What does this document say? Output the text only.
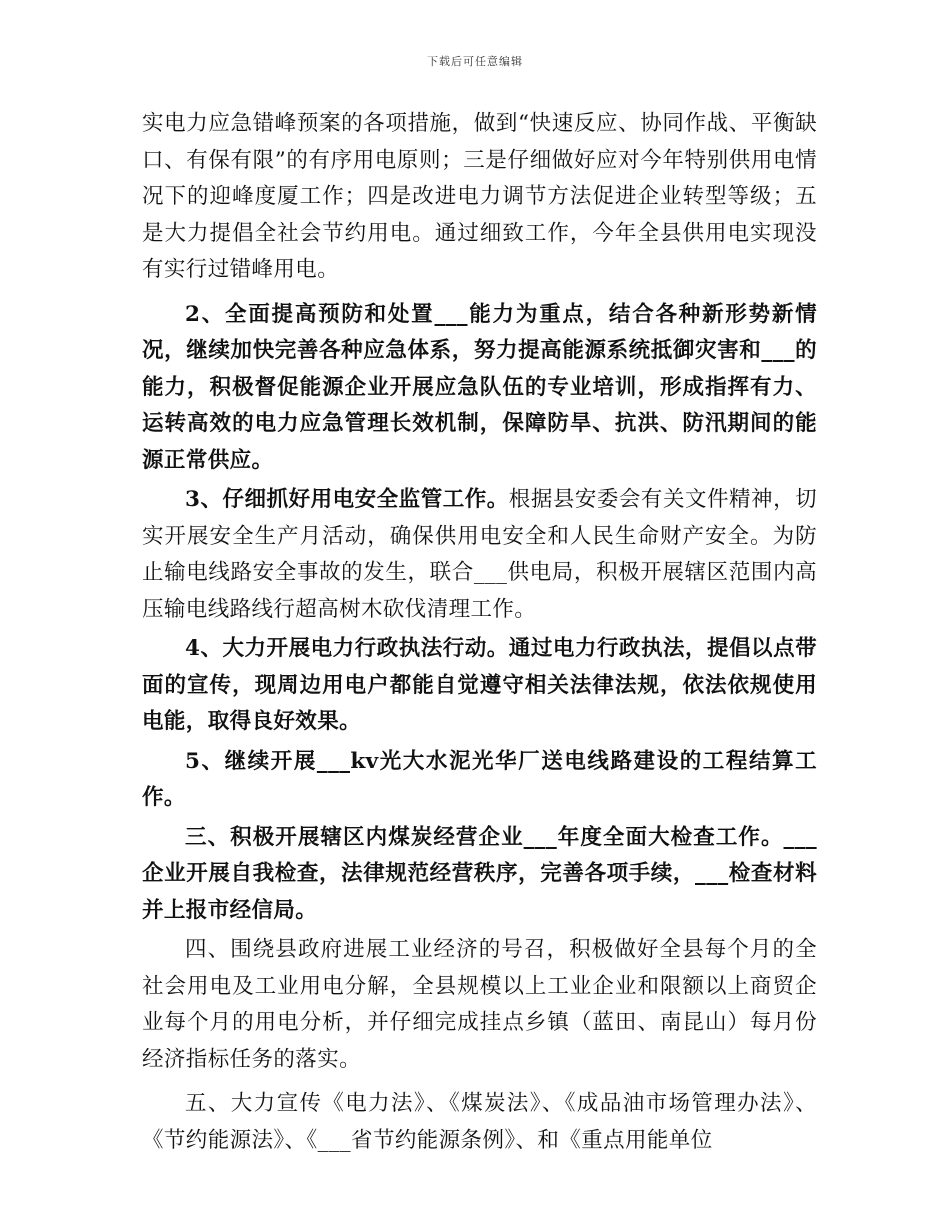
下载后可任意编辑

实电力应急错峰预案的各项措施，做到“快速反应、协同作战、平衡缺口、有保有限”的有序用电原则；三是仔细做好应对今年特别供用电情况下的迎峰度厦工作；四是改进电力调节方法促进企业转型等级；五是大力提倡全社会节约用电。通过细致工作，今年全县供用电实现没有实行过错峰用电。

2、全面提高预防和处置___能力为重点，结合各种新形势新情况，继续加快完善各种应急体系，努力提高能源系统抵御灾害和___的能力，积极督促能源企业开展应急队伍的专业培训，形成指挥有力、运转高效的电力应急管理长效机制，保障防旱、抗洪、防汛期间的能源正常供应。

3、仔细抓好用电安全监管工作。根据县安委会有关文件精神，切实开展安全生产月活动，确保供用电安全和人民生命财产安全。为防止输电线路安全事故的发生，联合___供电局，积极开展辖区范围内高压输电线路线行超高树木砍伐清理工作。

4、大力开展电力行政执法行动。通过电力行政执法，提倡以点带面的宣传，现周边用电户都能自觉遵守相关法律法规，依法依规使用电能，取得良好效果。

5、继续开展___kv光大水泥光华厂送电线路建设的工程结算工作。

三、积极开展辖区内煤炭经营企业___年度全面大检查工作。___企业开展自我检查，法律规范经营秩序，完善各项手续，___检查材料并上报市经信局。

四、围绕县政府进展工业经济的号召，积极做好全县每个月的全社会用电及工业用电分解，全县规模以上工业企业和限额以上商贸企业每个月的用电分析，并仔细完成挂点乡镇（蓝田、南昆山）每月份经济指标任务的落实。

五、大力宣传《电力法》、《煤炭法》、《成品油市场管理办法》、《节约能源法》、《___省节约能源条例》、和《重点用能单位
